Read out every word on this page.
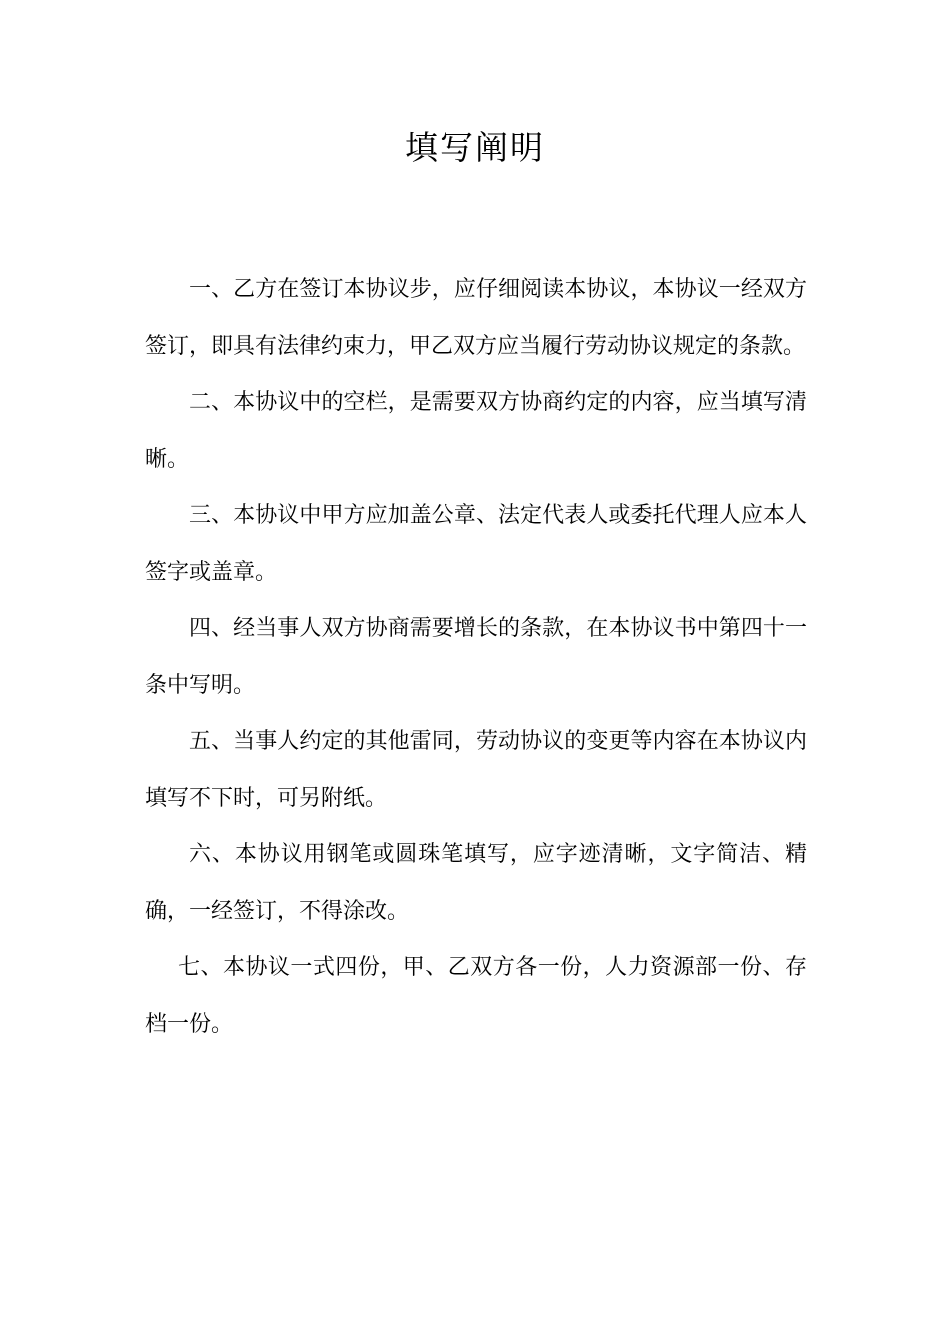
填写阐明

一、乙方在签订本协议步，应仔细阅读本协议，本协议一经双方签订，即具有法律约束力，甲乙双方应当履行劳动协议规定的条款。

二、本协议中的空栏，是需要双方协商约定的内容，应当填写清晰。

三、本协议中甲方应加盖公章、法定代表人或委托代理人应本人签字或盖章。

四、经当事人双方协商需要增长的条款，在本协议书中第四十一条中写明。

五、当事人约定的其他雷同，劳动协议的变更等内容在本协议内填写不下时，可另附纸。

六、本协议用钢笔或圆珠笔填写，应字迹清晰，文字简洁、精确，一经签订，不得涂改。

七、本协议一式四份，甲、乙双方各一份，人力资源部一份、存档一份。
